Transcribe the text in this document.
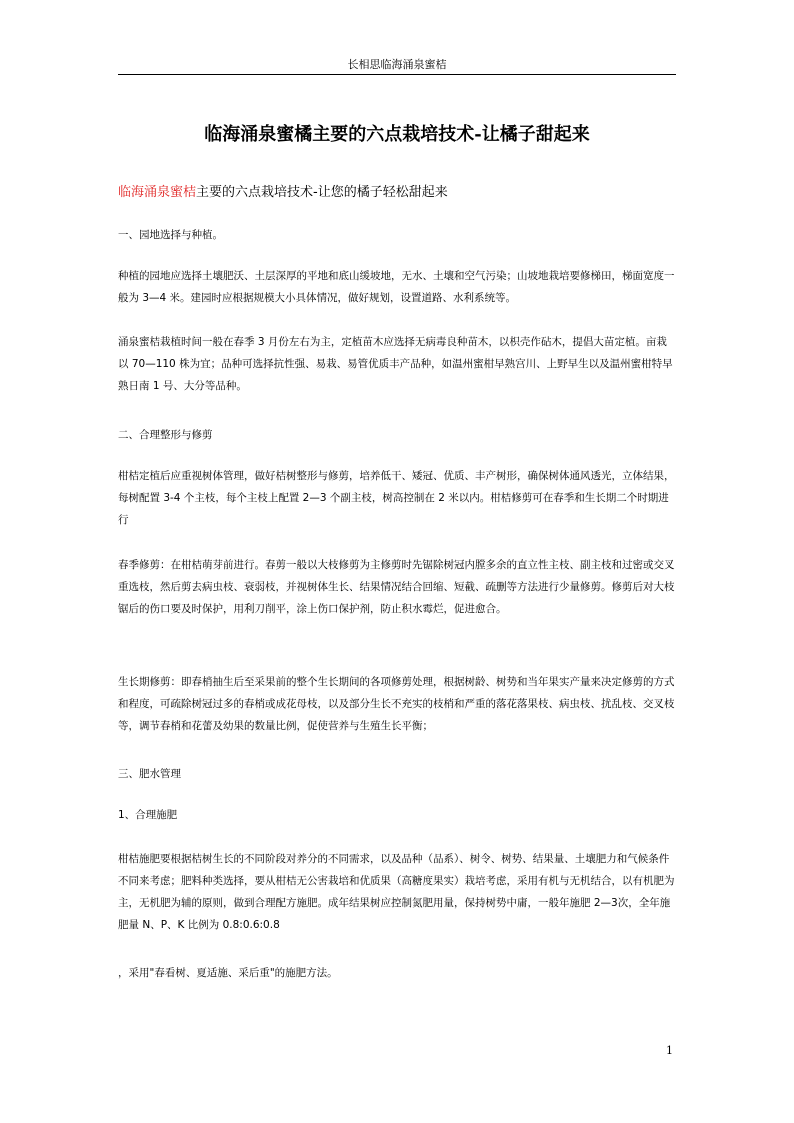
长相思临海涌泉蜜桔
临海涌泉蜜橘主要的六点栽培技术-让橘子甜起来
临海涌泉蜜桔主要的六点栽培技术-让您的橘子轻松甜起来

一、园地选择与种植。

种植的园地应选择土壤肥沃、土层深厚的平地和底山缓坡地，无水、土壤和空气污染；山坡地栽培要修梯田，梯面宽度一般为 3—4 米。建园时应根据规模大小具体情况，做好规划，设置道路、水利系统等。

涌泉蜜桔栽植时间一般在春季 3 月份左右为主，定植苗木应选择无病毒良种苗木，以枳壳作砧木，提倡大苗定植。亩栽以 70—110 株为宜；品种可选择抗性强、易栽、易管优质丰产品种，如温州蜜柑早熟宫川、上野早生以及温州蜜柑特早熟日南 1 号、大分等品种。

二、合理整形与修剪

柑桔定植后应重视树体管理，做好桔树整形与修剪，培养低干、矮冠、优质、丰产树形，确保树体通风透光，立体结果，每树配置 3-4 个主枝，每个主枝上配置 2—3 个副主枝，树高控制在 2 米以内。柑桔修剪可在春季和生长期二个时期进行

春季修剪：在柑桔萌芽前进行。春剪一般以大枝修剪为主修剪时先锯除树冠内膛多余的直立性主枝、副主枝和过密或交叉重选枝，然后剪去病虫枝、衰弱枝，并视树体生长、结果情况结合回缩、短截、疏删等方法进行少量修剪。修剪后对大枝锯后的伤口要及时保护，用利刀削平，涂上伤口保护剂，防止积水霉烂，促进愈合。

生长期修剪：即春梢抽生后至采果前的整个生长期间的各项修剪处理，根据树龄、树势和当年果实产量来决定修剪的方式和程度，可疏除树冠过多的春梢或成花母枝，以及部分生长不充实的枝梢和严重的落花落果枝、病虫枝、扰乱枝、交叉枝等，调节春梢和花蕾及幼果的数量比例，促使营养与生殖生长平衡；

三、肥水管理

1、合理施肥

柑桔施肥要根据桔树生长的不同阶段对养分的不同需求，以及品种（品系）、树令、树势、结果量、土壤肥力和气候条件不同来考虑；肥料种类选择，要从柑桔无公害栽培和优质果（高糖度果实）栽培考虑，采用有机与无机结合，以有机肥为主，无机肥为辅的原则，做到合理配方施肥。成年结果树应控制氮肥用量，保持树势中庸，一般年施肥 2—3次，全年施肥量 N、P、K 比例为 0.8:0.6:0.8

，采用"春看树、夏适施、采后重"的施肥方法。

1
